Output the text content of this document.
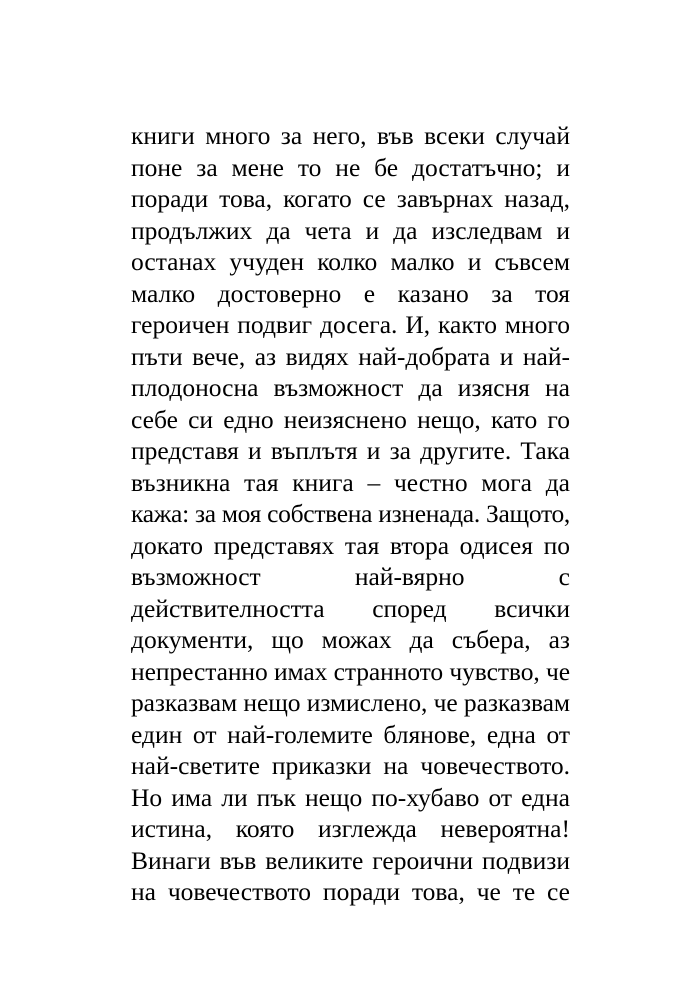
книги много за него, във всеки случай
поне за мене то не бе достатъчно; и
поради това, когато се завърнах назад,
продължих да чета и да изследвам и
останах учуден колко малко и съвсем
малко достоверно е казано за тоя
героичен подвиг досега. И, както много
пъти вече, аз видях най-добрата и най-
плодоносна възможност да изясня на
себе си едно неизяснено нещо, като го
представя и въплътя и за другите. Така
възникна тая книга – честно мога да
кажа: за моя собствена изненада. Защото,
докато представях тая втора одисея по
възможност най-вярно с
действителността според всички
документи, що можах да събера, аз
непрестанно имах странното чувство, че
разказвам нещо измислено, че разказвам
един от най-големите блянове, една от
най-светите приказки на човечеството.
Но има ли пък нещо по-хубаво от една
истина, която изглежда невероятна!
Винаги във великите героични подвизи
на човечеството поради това, че те се
